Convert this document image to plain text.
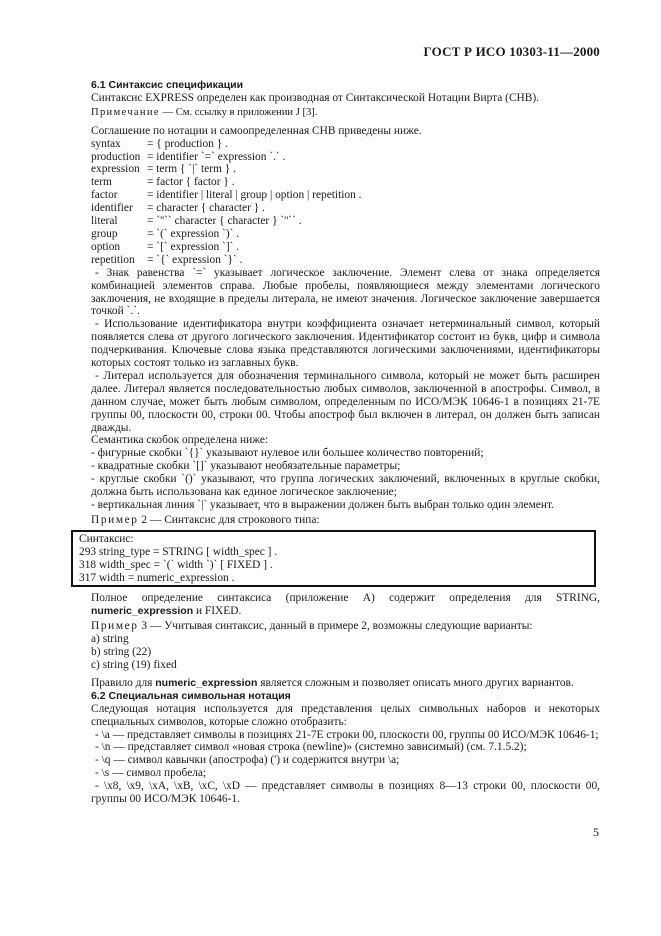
ГОСТ Р ИСО 10303-11—2000
6.1 Синтаксис спецификации
Синтаксис EXPRESS определен как производная от Синтаксической Нотации Вирта (СНВ).
Примечание — См. ссылку в приложении J [3].
Соглашение по нотации и самоопределенная СНВ приведены ниже.
syntax	= { production } .
production = identifier `=` expression `.` .
expression = term { `|` term } .
term	= factor { factor } .
factor	= identifier | literal | group | option | repetition .
identifier	= character { character } .
literal	= `''`` character { character } `''`` .
group	= `(` expression `)` .
option	= `[` expression `]` .
repetition	= `{` expression `}` .
- Знак равенства `=` указывает логическое заключение. Элемент слева от знака определяется комбинацией элементов справа. Любые пробелы, появляющиеся между элементами логического заключения, не входящие в пределы литерала, не имеют значения. Логическое заключение завершается точкой `.`.
- Использование идентификатора внутри коэффициента означает нетерминальный символ, который появляется слева от другого логического заключения. Идентификатор состоит из букв, цифр и символа подчеркивания. Ключевые слова языка представляются логическими заключениями, идентификаторы которых состоят только из заглавных букв.
- Литерал используется для обозначения терминального символа, который не может быть расширен далее. Литерал является последовательностью любых символов, заключенной в апострофы. Символ, в данном случае, может быть любым символом, определенным по ИСО/МЭК 10646-1 в позициях 21-7Е группы 00, плоскости 00, строки 00. Чтобы апостроф был включен в литерал, он должен быть записан дважды.
Семантика скобок определена ниже:
- фигурные скобки `{}` указывают нулевое или большее количество повторений;
- квадратные скобки `[]` указывают необязательные параметры;
- круглые скобки `()` указывают, что группа логических заключений, включенных в круглые скобки, должна быть использована как единое логическое заключение;
- вертикальная линия `|` указывает, что в выражении должен быть выбран только один элемент.
Пример 2 — Синтаксис для строкового типа:
Синтаксис:
293 string_type = STRING [ width_spec ] .
318 width_spec = `(` width `)` [ FIXED ] .
317 width = numeric_expression .
Полное определение синтаксиса (приложение А) содержит определения для STRING, numeric_expression и FIXED.
Пример 3 — Учитывая синтаксис, данный в примере 2, возможны следующие варианты:
a) string
b) string (22)
c) string (19) fixed
Правило для numeric_expression является сложным и позволяет описать много других вариантов.
6.2 Специальная символьная нотация
Следующая нотация используется для представления целых символьных наборов и некоторых специальных символов, которые сложно отобразить:
- \a — представляет символы в позициях 21-7Е строки 00, плоскости 00, группы 00 ИСО/МЭК 10646-1;
- \n — представляет символ «новая строка (newline)» (системно зависимый) (см. 7.1.5.2);
- \q — символ кавычки (апострофа) (') и содержится внутри \a;
- \s — символ пробела;
- \x8, \x9, \xA, \xB, \xC, \xD — представляет символы в позициях 8—13 строки 00, плоскости 00, группы 00 ИСО/МЭК 10646-1.
5
